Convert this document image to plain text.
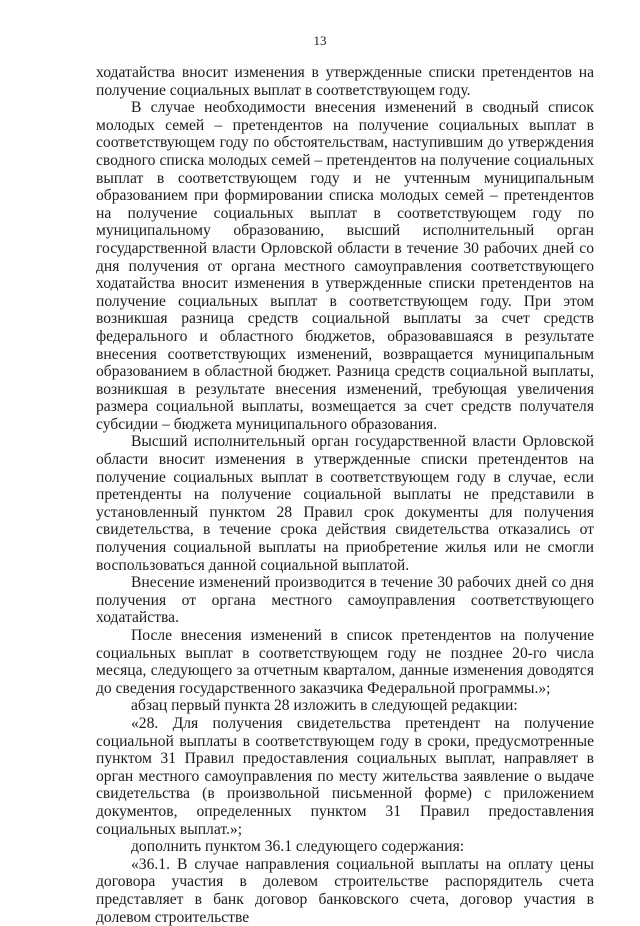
13

ходатайства вносит изменения в утвержденные списки претендентов на получение социальных выплат в соответствующем году.

В случае необходимости внесения изменений в сводный список молодых семей – претендентов на получение социальных выплат в соответствующем году по обстоятельствам, наступившим до утверждения сводного списка молодых семей – претендентов на получение социальных выплат в соответствующем году и не учтенным муниципальным образованием при формировании списка молодых семей – претендентов на получение социальных выплат в соответствующем году по муниципальному образованию, высший исполнительный орган государственной власти Орловской области в течение 30 рабочих дней со дня получения от органа местного самоуправления соответствующего ходатайства вносит изменения в утвержденные списки претендентов на получение социальных выплат в соответствующем году. При этом возникшая разница средств социальной выплаты за счет средств федерального и областного бюджетов, образовавшаяся в результате внесения соответствующих изменений, возвращается муниципальным образованием в областной бюджет. Разница средств социальной выплаты, возникшая в результате внесения изменений, требующая увеличения размера социальной выплаты, возмещается за счет средств получателя субсидии – бюджета муниципального образования.

Высший исполнительный орган государственной власти Орловской области вносит изменения в утвержденные списки претендентов на получение социальных выплат в соответствующем году в случае, если претенденты на получение социальной выплаты не представили в установленный пунктом 28 Правил срок документы для получения свидетельства, в течение срока действия свидетельства отказались от получения социальной выплаты на приобретение жилья или не смогли воспользоваться данной социальной выплатой.

Внесение изменений производится в течение 30 рабочих дней со дня получения от органа местного самоуправления соответствующего ходатайства.

После внесения изменений в список претендентов на получение социальных выплат в соответствующем году не позднее 20-го числа месяца, следующего за отчетным кварталом, данные изменения доводятся до сведения государственного заказчика Федеральной программы.»;

абзац первый пункта 28 изложить в следующей редакции:

«28. Для получения свидетельства претендент на получение социальной выплаты в соответствующем году в сроки, предусмотренные пунктом 31 Правил предоставления социальных выплат, направляет в орган местного самоуправления по месту жительства заявление о выдаче свидетельства (в произвольной письменной форме) с приложением документов, определенных пунктом 31 Правил предоставления социальных выплат.»;

дополнить пунктом 36.1 следующего содержания:

«36.1. В случае направления социальной выплаты на оплату цены договора участия в долевом строительстве распорядитель счета представляет в банк договор банковского счета, договор участия в долевом строительстве
